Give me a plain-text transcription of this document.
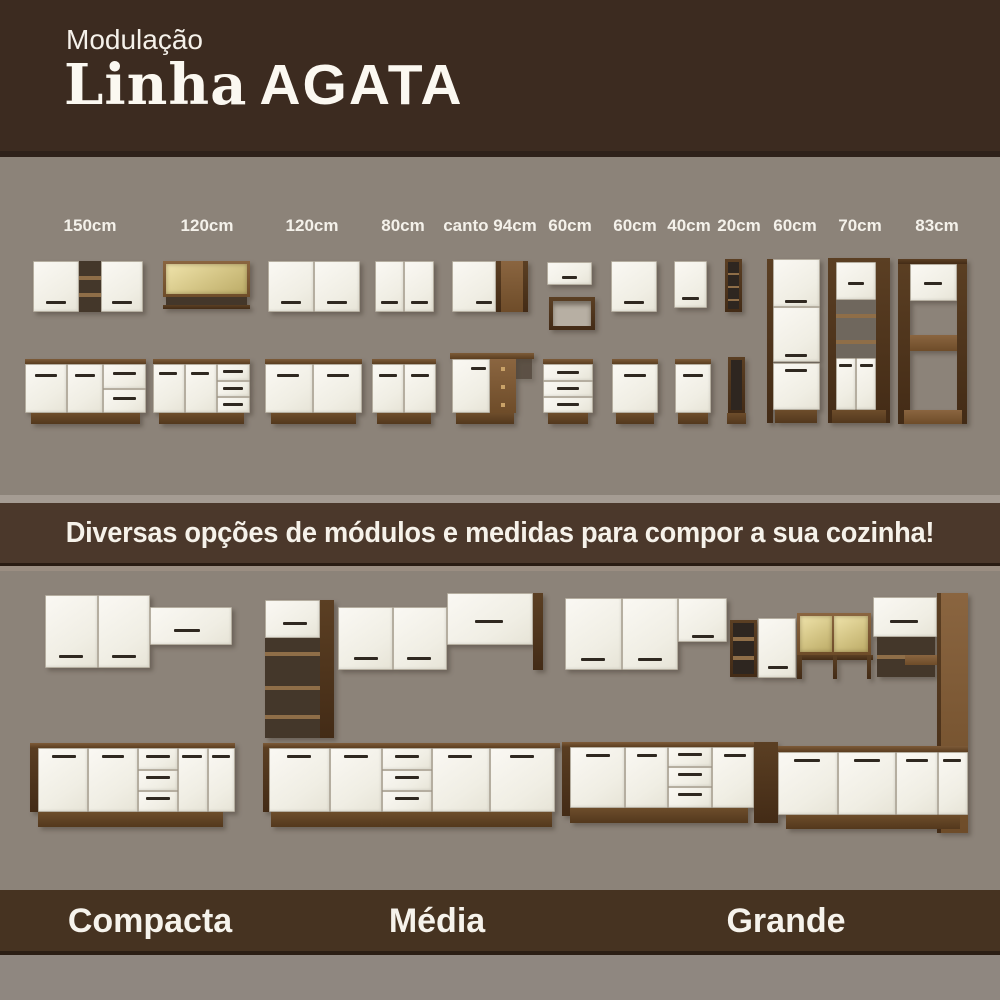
Modulação
Linha AGATA
150cm	120cm	120cm	80cm canto 94cm 60cm 60cm 40cm 20cm 60cm 70cm 83cm
Diversas opções de módulos e medidas para compor a sua cozinha!
Compacta	Média	Grande
